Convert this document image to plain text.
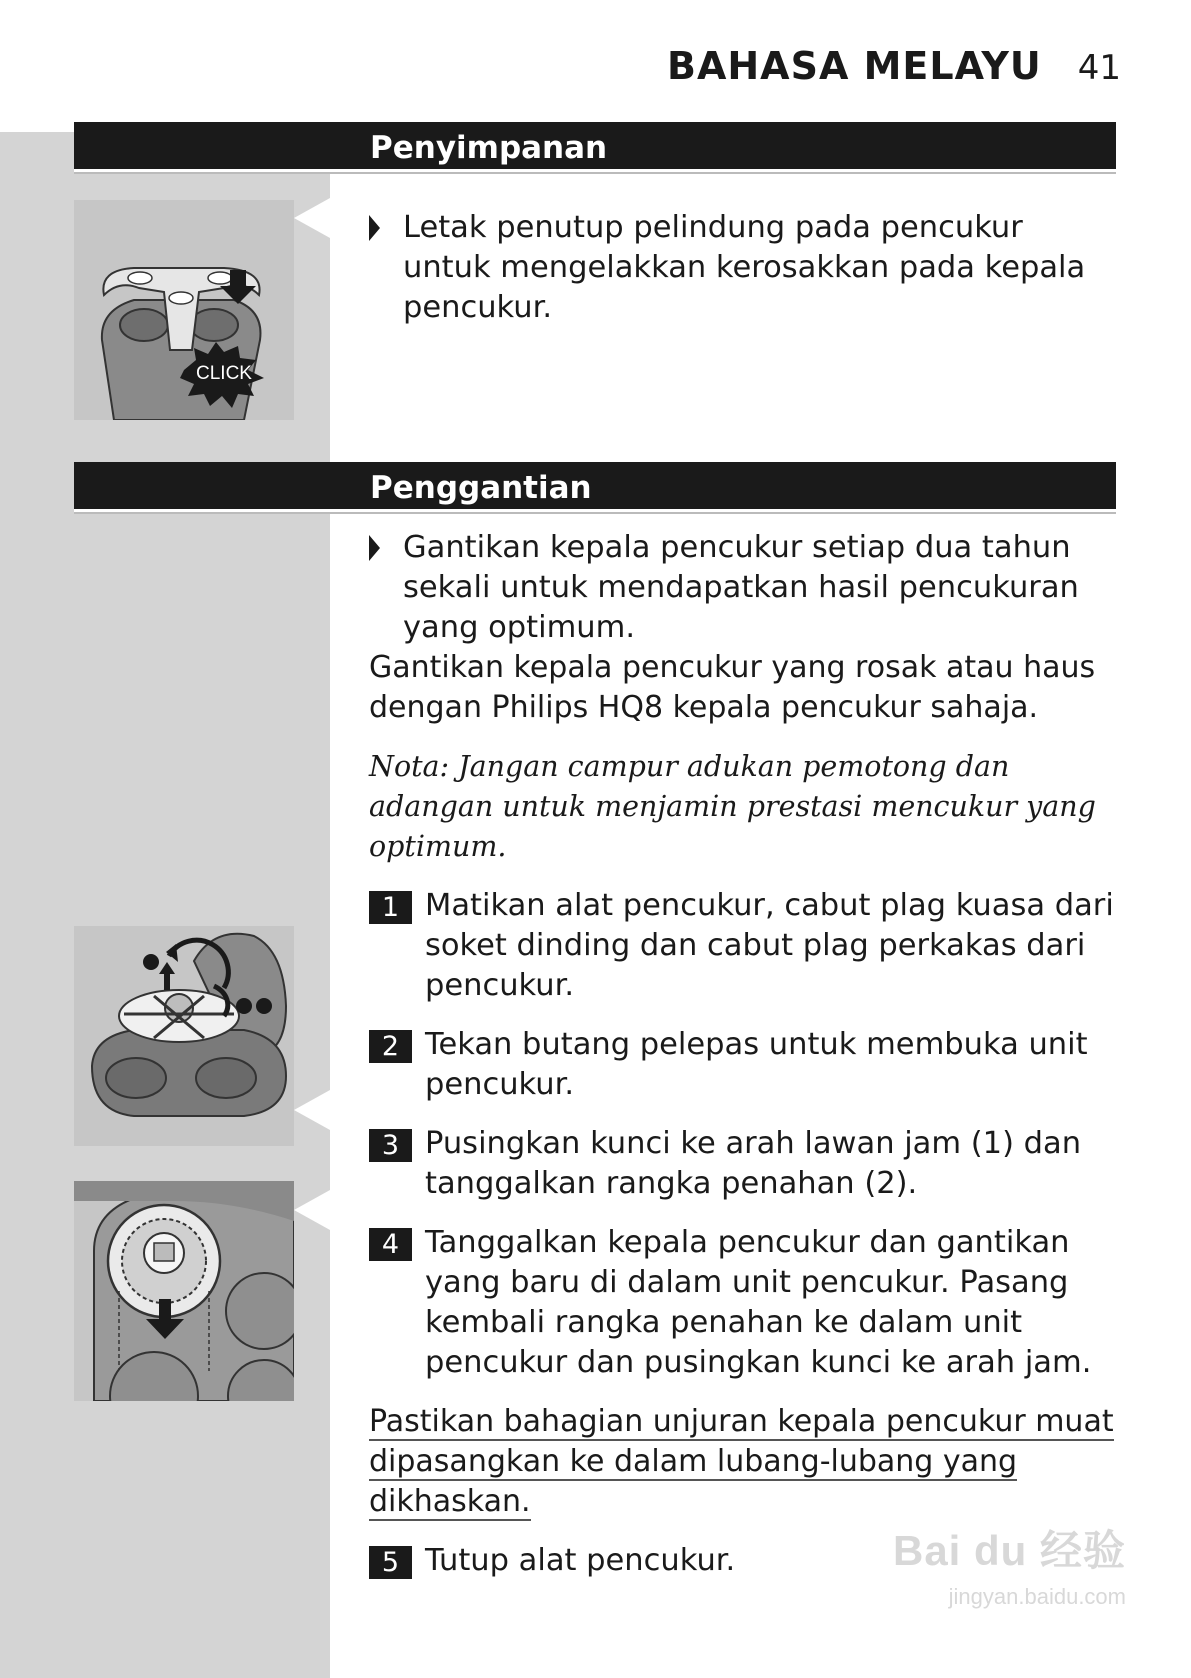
BAHASA MELAYU 41
Penyimpanan
CLICK
Letak penutup pelindung pada pencukur untuk mengelakkan kerosakkan pada kepala pencukur.
Penggantian
Gantikan kepala pencukur setiap dua tahun sekali untuk mendapatkan hasil pencukuran yang optimum.
Gantikan kepala pencukur yang rosak atau haus dengan Philips HQ8 kepala pencukur sahaja.
Nota: Jangan campur adukan pemotong dan adangan untuk menjamin prestasi mencukur yang optimum.
1 Matikan alat pencukur, cabut plag kuasa dari soket dinding dan cabut plag perkakas dari pencukur.
2 Tekan butang pelepas untuk membuka unit pencukur.
3 Pusingkan kunci ke arah lawan jam (1) dan tanggalkan rangka penahan (2).
4 Tanggalkan kepala pencukur dan gantikan yang baru di dalam unit pencukur. Pasang kembali rangka penahan ke dalam unit pencukur dan pusingkan kunci ke arah jam.
Pastikan bahagian unjuran kepala pencukur muat dipasangkan ke dalam lubang-lubang yang dikhaskan.
5 Tutup alat pencukur.	Bai du 经验
jingyan.baidu.com
